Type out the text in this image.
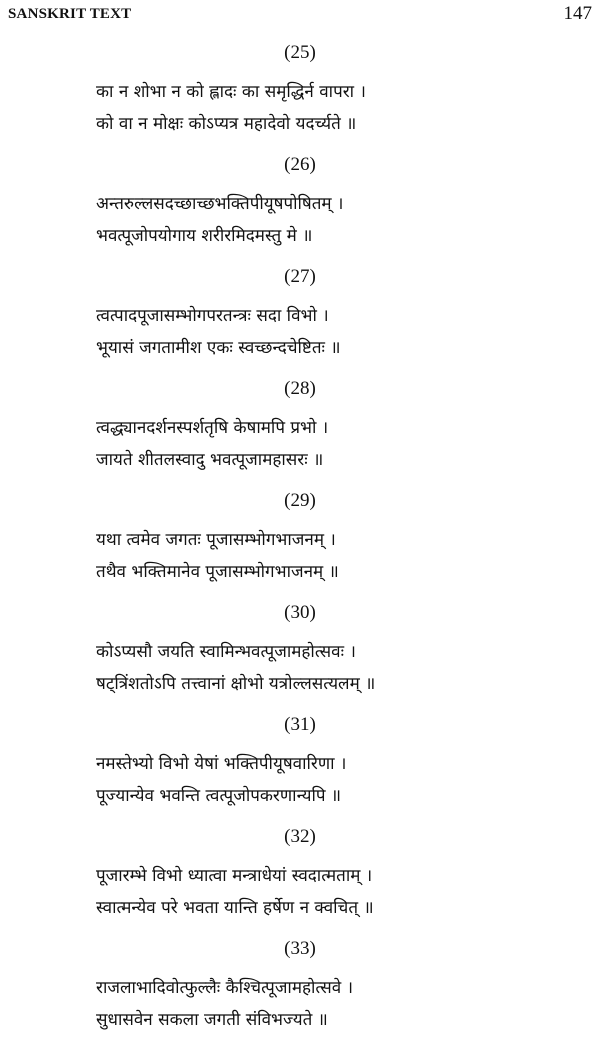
SANSKRIT TEXT	147
(25)
का न शोभा न को ह्लादः का समृद्धिर्न वापरा ।
को वा न मोक्षः कोऽप्यत्र महादेवो यदर्च्यते ॥
(26)
अन्तरुल्लसदच्छाच्छभक्तिपीयूषपोषितम् ।
भवत्पूजोपयोगाय शरीरमिदमस्तु मे ॥
(27)
त्वत्पादपूजासम्भोगपरतन्त्रः सदा विभो ।
भूयासं जगतामीश एकः स्वच्छन्दचेष्टितः ॥
(28)
त्वद्ध्यानदर्शनस्पर्शतृषि केषामपि प्रभो ।
जायते शीतलस्वादु भवत्पूजामहासरः ॥
(29)
यथा त्वमेव जगतः पूजासम्भोगभाजनम् ।
तथैव भक्तिमानेव पूजासम्भोगभाजनम् ॥
(30)
कोऽप्यसौ जयति स्वामिन्भवत्पूजामहोत्सवः ।
षट्त्रिंशतोऽपि तत्त्वानां क्षोभो यत्रोल्लसत्यलम् ॥
(31)
नमस्तेभ्यो विभो येषां भक्तिपीयूषवारिणा ।
पूज्यान्येव भवन्ति त्वत्पूजोपकरणान्यपि ॥
(32)
पूजारम्भे विभो ध्यात्वा मन्त्राधेयां स्वदात्मताम् ।
स्वात्मन्येव परे भवता यान्ति हर्षेण न क्वचित् ॥
(33)
राजलाभादिवोत्फुल्लैः कैश्चित्पूजामहोत्सवे ।
सुधासवेन सकला जगती संविभज्यते ॥
